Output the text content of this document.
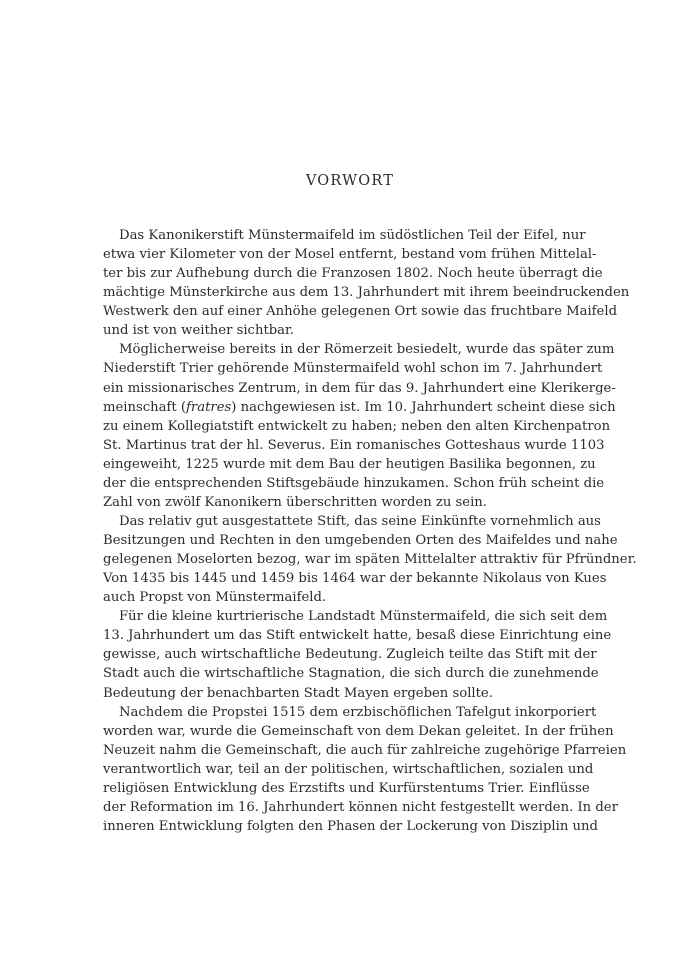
VORWORT
Das Kanonikerstift Münstermaifeld im südöstlichen Teil der Eifel, nur
etwa vier Kilometer von der Mosel entfernt, bestand vom frühen Mittelal-
ter bis zur Aufhebung durch die Franzosen 1802. Noch heute überragt die
mächtige Münsterkirche aus dem 13. Jahrhundert mit ihrem beeindruckenden
Westwerk den auf einer Anhöhe gelegenen Ort sowie das fruchtbare Maifeld
und ist von weither sichtbar.
Möglicherweise bereits in der Römerzeit besiedelt, wurde das später zum
Niederstift Trier gehörende Münstermaifeld wohl schon im 7. Jahrhundert
ein missionarisches Zentrum, in dem für das 9. Jahrhundert eine Klerikerge-
meinschaft (fratres) nachgewiesen ist. Im 10. Jahrhundert scheint diese sich
zu einem Kollegiatstift entwickelt zu haben; neben den alten Kirchenpatron
St. Martinus trat der hl. Severus. Ein romanisches Gotteshaus wurde 1103
eingeweiht, 1225 wurde mit dem Bau der heutigen Basilika begonnen, zu
der die entsprechenden Stiftsgebäude hinzukamen. Schon früh scheint die
Zahl von zwölf Kanonikern überschritten worden zu sein.
Das relativ gut ausgestattete Stift, das seine Einkünfte vornehmlich aus
Besitzungen und Rechten in den umgebenden Orten des Maifeldes und nahe
gelegenen Moselorten bezog, war im späten Mittelalter attraktiv für Pfründner.
Von 1435 bis 1445 und 1459 bis 1464 war der bekannte Nikolaus von Kues
auch Propst von Münstermaifeld.
Für die kleine kurtrierische Landstadt Münstermaifeld, die sich seit dem
13. Jahrhundert um das Stift entwickelt hatte, besaß diese Einrichtung eine
gewisse, auch wirtschaftliche Bedeutung. Zugleich teilte das Stift mit der
Stadt auch die wirtschaftliche Stagnation, die sich durch die zunehmende
Bedeutung der benachbarten Stadt Mayen ergeben sollte.
Nachdem die Propstei 1515 dem erzbischöflichen Tafelgut inkorporiert
worden war, wurde die Gemeinschaft von dem Dekan geleitet. In der frühen
Neuzeit nahm die Gemeinschaft, die auch für zahlreiche zugehörige Pfarreien
verantwortlich war, teil an der politischen, wirtschaftlichen, sozialen und
religiösen Entwicklung des Erzstifts und Kurfürstentums Trier. Einflüsse
der Reformation im 16. Jahrhundert können nicht festgestellt werden. In der
inneren Entwicklung folgten den Phasen der Lockerung von Disziplin und
